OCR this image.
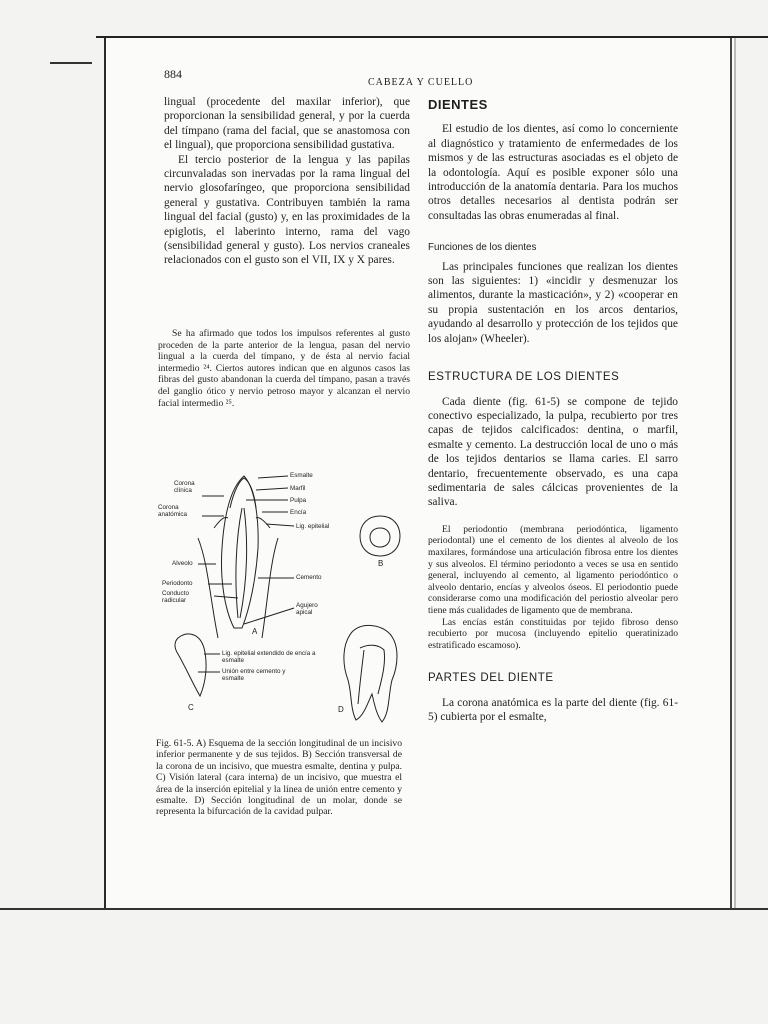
884
CABEZA Y CUELLO

lingual (procedente del maxilar inferior), que proporcionan la sensibilidad general, y por la cuerda del tímpano (rama del facial, que se anastomosa con el lingual), que proporciona sensibilidad gustativa.

El tercio posterior de la lengua y las papilas circunvaladas son inervadas por la rama lingual del nervio glosofaríngeo, que proporciona sensibilidad general y gustativa. Contribuyen también la rama lingual del facial (gusto) y, en las proximidades de la epiglotis, el laberinto interno, rama del vago (sensibilidad general y gusto). Los nervios craneales relacionados con el gusto son el VII, IX y X pares.

Se ha afirmado que todos los impulsos referentes al gusto proceden de la parte anterior de la lengua, pasan del nervio lingual a la cuerda del tímpano, y de ésta al nervio facial intermedio ²⁴. Ciertos autores indican que en algunos casos las fibras del gusto abandonan la cuerda del tímpano, pasan a través del ganglio ótico y nervio petroso mayor y alcanzan el nervio facial intermedio ²⁵.

Corona clínica
Corona anatómica
Esmalte
Marfil
Pulpa
Encía
Lig. epitelial
Alveolo
Periodonto
Conducto radicular
Cemento
Agujero apical
Lig. epitelial extendido de encía a esmalte
Unión entre cemento y esmalte
A
B
C	D
Fig. 61-5. A) Esquema de la sección longitudinal de un incisivo inferior permanente y de sus tejidos. B) Sección transversal de la corona de un incisivo, que muestra esmalte, dentina y pulpa. C) Visión lateral (cara interna) de un incisivo, que muestra el área de la inserción epitelial y la línea de unión entre cemento y esmalte. D) Sección longitudinal de un molar, donde se representa la bifurcación de la cavidad pulpar.

DIENTES

El estudio de los dientes, así como lo concerniente al diagnóstico y tratamiento de enfermedades de los mismos y de las estructuras asociadas es el objeto de la odontología. Aquí es posible exponer sólo una introducción de la anatomía dentaria. Para los muchos otros detalles necesarios al dentista podrán ser consultadas las obras enumeradas al final.

Funciones de los dientes

Las principales funciones que realizan los dientes son las siguientes: 1) «incidir y desmenuzar los alimentos, durante la masticación», y 2) «cooperar en su propia sustentación en los arcos dentarios, ayudando al desarrollo y protección de los tejidos que los alojan» (Wheeler).

ESTRUCTURA DE LOS DIENTES

Cada diente (fig. 61-5) se compone de tejido conectivo especializado, la pulpa, recubierto por tres capas de tejidos calcificados: dentina, o marfil, esmalte y cemento. La destrucción local de uno o más de los tejidos dentarios se llama caries. El sarro dentario, frecuentemente observado, es una capa sedimentaria de sales cálcicas provenientes de la saliva.

El periodontio (membrana periodóntica, ligamento periodontal) une el cemento de los dientes al alveolo de los maxilares, formándose una articulación fibrosa entre los dientes y sus alveolos. El término periodonto a veces se usa en sentido general, incluyendo al cemento, al ligamento periodóntico o alveolo dentario, encías y alveolos óseos. El periodontio puede considerarse como una modificación del periostio alveolar pero tiene más cualidades de ligamento que de membrana.

Las encías están constituidas por tejido fibroso denso recubierto por mucosa (incluyendo epitelio queratinizado estratificado escamoso).

PARTES DEL DIENTE

La corona anatómica es la parte del diente (fig. 61-5) cubierta por el esmalte,
